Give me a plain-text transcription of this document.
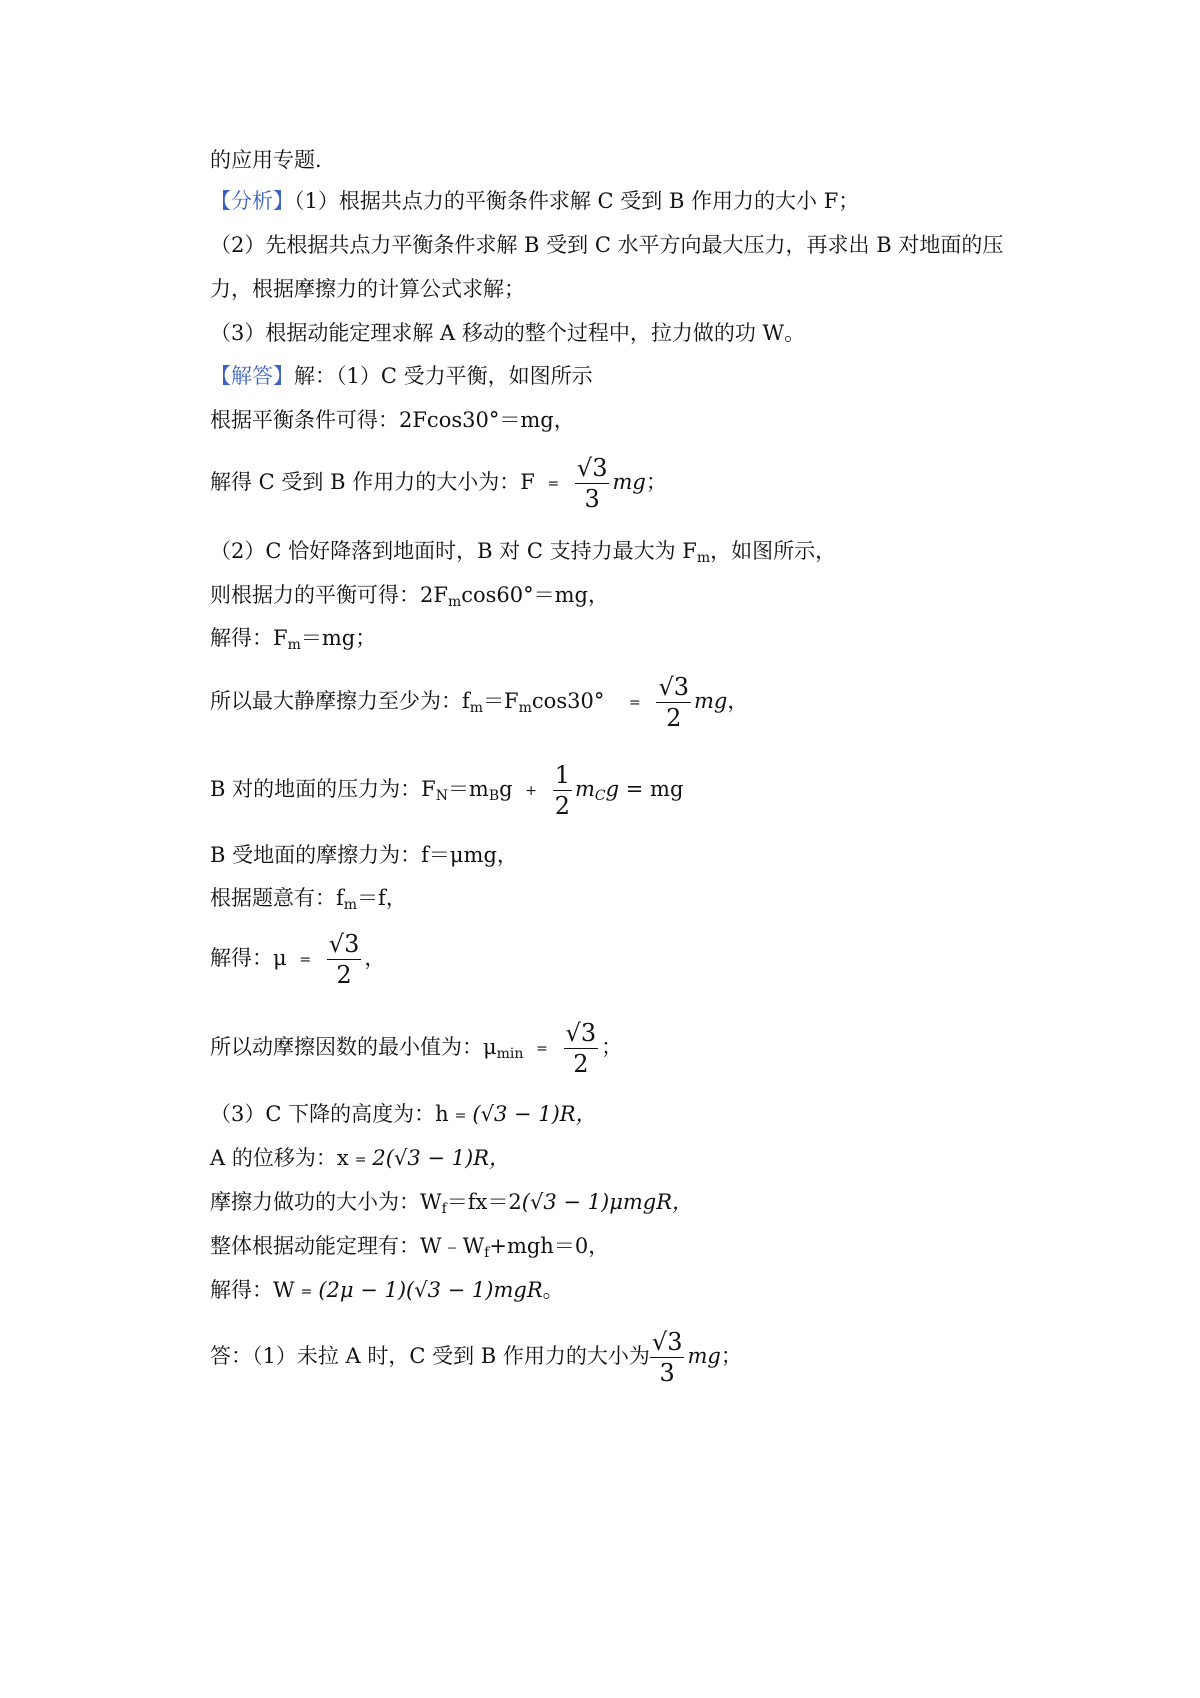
的应用专题．
【分析】（1）根据共点力的平衡条件求解 C 受到 B 作用力的大小 F；
（2）先根据共点力平衡条件求解 B 受到 C 水平方向最大压力，再求出 B 对地面的压
力，根据摩擦力的计算公式求解；
（3）根据动能定理求解 A 移动的整个过程中，拉力做的功 W。
【解答】解：（1）C 受力平衡，如图所示
根据平衡条件可得：2Fcos30°＝mg，
解得 C 受到 B 作用力的大小为：$F = \frac{√3}{3}$ mg；
（2）C 恰好降落到地面时，B 对 C 支持力最大为 $F_m$，如图所示，
则根据力的平衡可得：$2F_m\cos 60^\circ=mg$，
解得：$F_m=mg$；
所以最大静摩擦力至少为：$f_m=F_m\cos 30^\circ = \frac{√3}{2}$ mg，
B 对的地面的压力为：$F_N=m_Bg + \frac{1}{2} m_Cg$ = mg
B 受地面的摩擦力为：f＝μmg，
根据题意有：$f_m=f$，
解得：$\mu = \frac{√3}{2}$ ，
所以动摩擦因数的最小值为：$\mu_{min} = \frac{√3}{2}$ ；
（3）C 下降的高度为：h = (√3 − 1)R，
A 的位移为：x = 2(√3 − 1)R，
摩擦力做功的大小为：$W_f=fx=2(√3 - 1)\mu mgR$，
整体根据动能定理有：$W﹣W_f+mgh=0$，
解得：W = (2μ − 1)(√3 − 1)mgR。
答：（1）未拉 A 时，C 受到 B 作用力的大小为 $\frac{√3}{3}$ mg；
